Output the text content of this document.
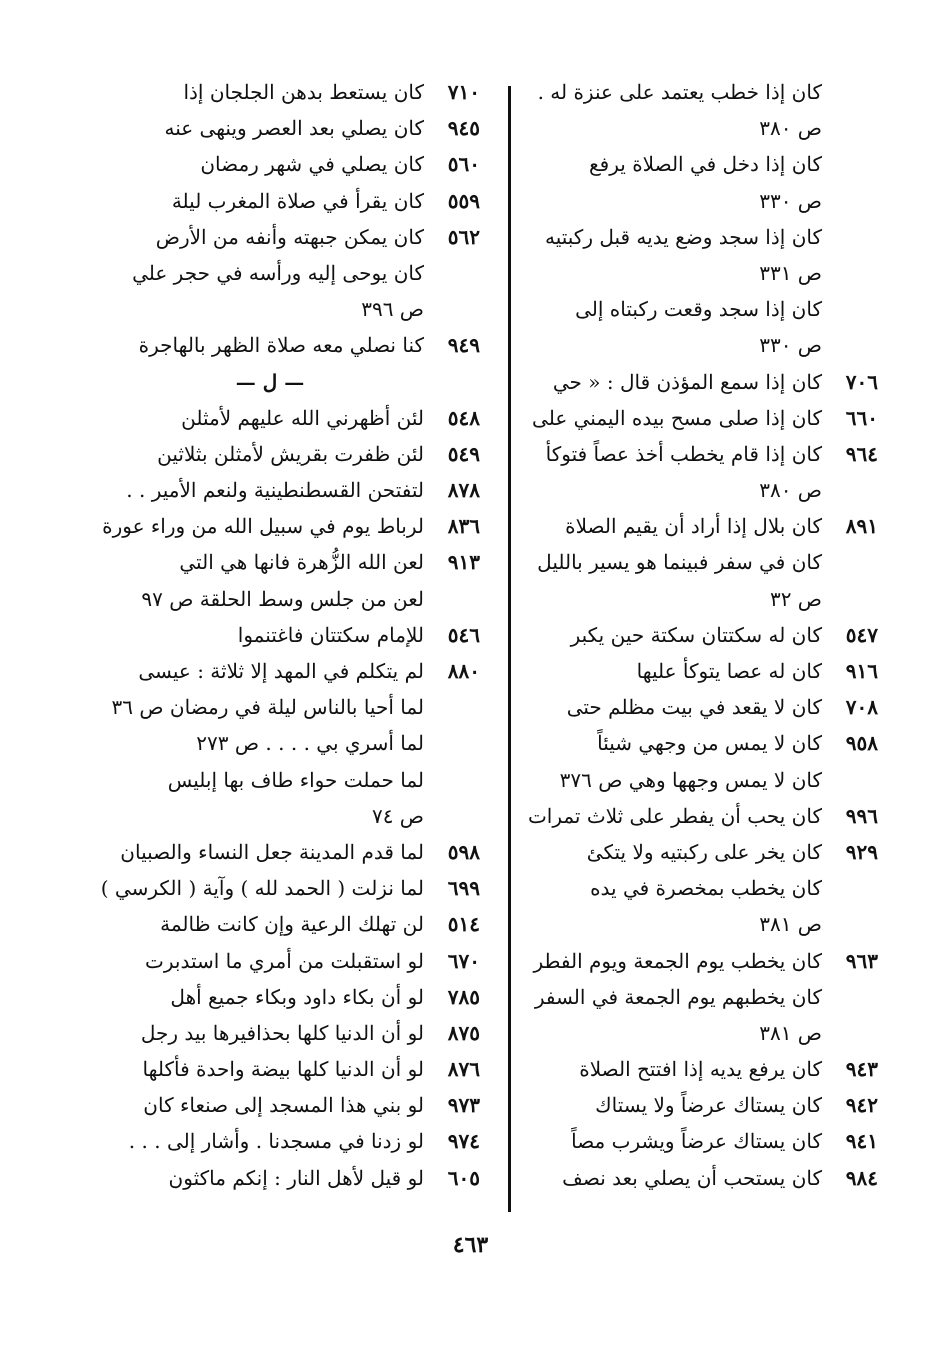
كان إذا خطب يعتمد على عنزة له .
ص ٣٨٠
كان إذا دخل في الصلاة يرفع
ص ٣٣٠
كان إذا سجد وضع يديه قبل ركبتيه
ص ٣٣١
كان إذا سجد وقعت ركبتاه إلى
ص ٣٣٠
٧٠٦
كان إذا سمع المؤذن قال : « حي
٦٦٠
كان إذا صلى مسح بيده اليمني على
٩٦٤
كان إذا قام يخطب أخذ عصاً فتوكأ
ص ٣٨٠
٨٩١
كان بلال إذا أراد أن يقيم الصلاة
كان في سفر فبينما هو يسير بالليل
ص ٣٢
٥٤٧
كان له سكتتان سكتة حين يكبر
٩١٦
كان له عصا يتوكأ عليها
٧٠٨
كان لا يقعد في بيت مظلم حتى
٩٥٨
كان لا يمس من وجهي شيئاً
كان لا يمس وجهها وهي ص ٣٧٦
٩٩٦
كان يحب أن يفطر على ثلاث تمرات
٩٢٩
كان يخر على ركبتيه ولا يتكئ
كان يخطب بمخصرة في يده
ص ٣٨١
٩٦٣
كان يخطب يوم الجمعة ويوم الفطر
كان يخطبهم يوم الجمعة في السفر
ص ٣٨١
٩٤٣
كان يرفع يديه إذا افتتح الصلاة
٩٤٢
كان يستاك عرضاً ولا يستاك
٩٤١
كان يستاك عرضاً ويشرب مصاً
٩٨٤
كان يستحب أن يصلي بعد نصف
٧١٠
كان يستعط بدهن الجلجان إذا
٩٤٥
كان يصلي بعد العصر وينهى عنه
٥٦٠
كان يصلي في شهر رمضان
٥٥٩
كان يقرأ في صلاة المغرب ليلة
٥٦٢
كان يمكن جبهته وأنفه من الأرض
كان يوحى إليه ورأسه في حجر علي
ص ٣٩٦
٩٤٩
كنا نصلي معه صلاة الظهر بالهاجرة
— ل —
٥٤٨
لئن أظهرني الله عليهم لأمثلن
٥٤٩
لئن ظفرت بقريش لأمثلن بثلاثين
٨٧٨
لتفتحن القسطنطينية ولنعم الأمير . .
٨٣٦
لرباط يوم في سبيل الله من وراء عورة
٩١٣
لعن الله الزُّهرة فانها هي التي
لعن من جلس وسط الحلقة ص ٩٧
٥٤٦
للإمام سكتتان فاغتنموا
٨٨٠
لم يتكلم في المهد إلا ثلاثة : عيسى
لما أحيا بالناس ليلة في رمضان ص ٣٦
لما أسري بي . . . . ص ٢٧٣
لما حملت حواء طاف بها إبليس
ص ٧٤
٥٩٨
لما قدم المدينة جعل النساء والصبيان
٦٩٩
لما نزلت ( الحمد لله ) وآية ( الكرسي )
٥١٤
لن تهلك الرعية وإن كانت ظالمة
٦٧٠
لو استقبلت من أمري ما استدبرت
٧٨٥
لو أن بكاء داود وبكاء جميع أهل
٨٧٥
لو أن الدنيا كلها بحذافيرها بيد رجل
٨٧٦
لو أن الدنيا كلها بيضة واحدة فأكلها
٩٧٣
لو بني هذا المسجد إلى صنعاء كان
٩٧٤
لو زدنا في مسجدنا . وأشار إلى . . .
٦٠٥
لو قيل لأهل النار : إنكم ماكثون
٤٦٣
